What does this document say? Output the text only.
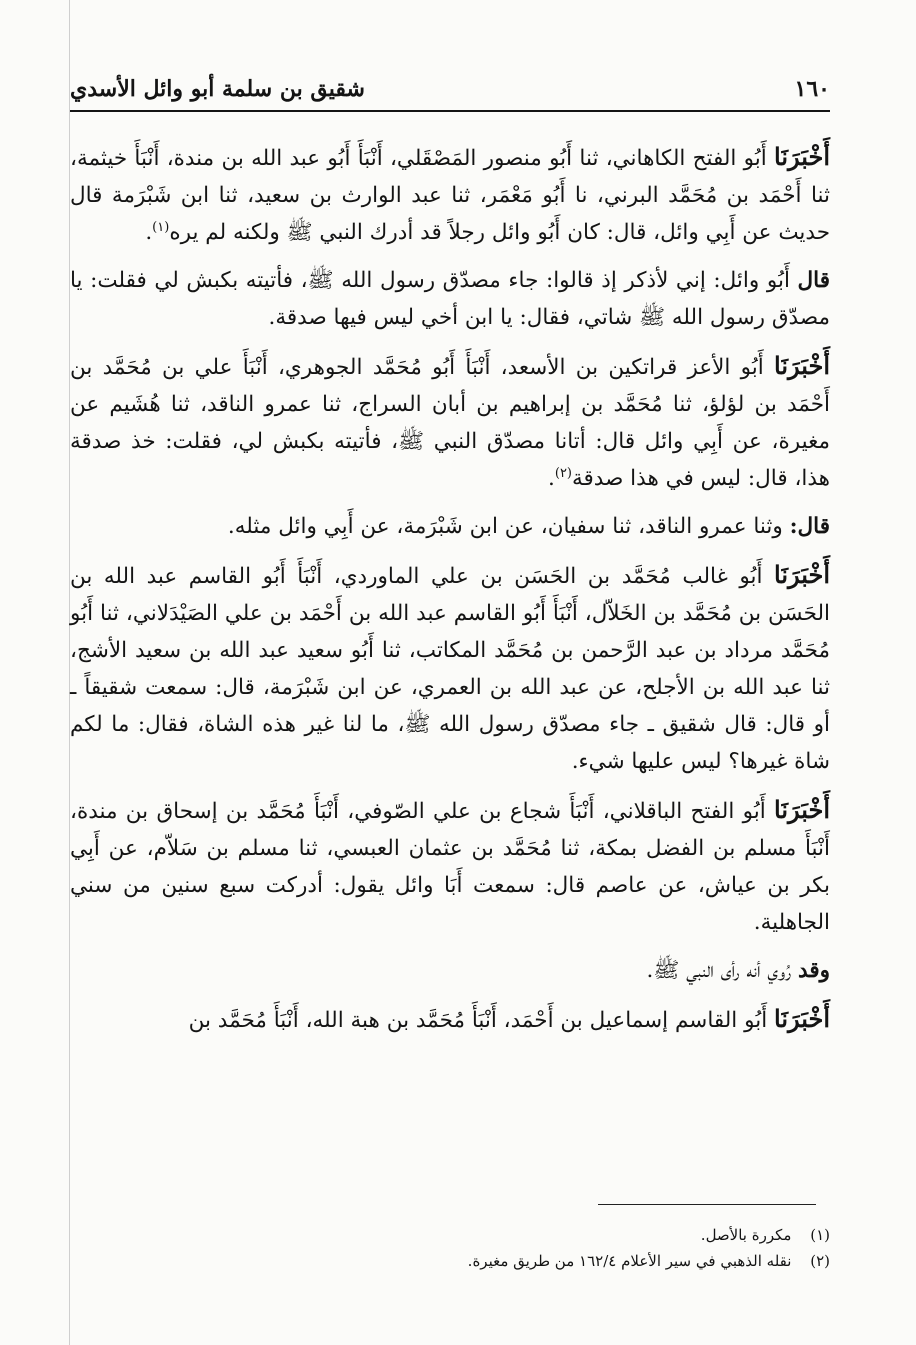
١٦٠
شقيق بن سلمة أبو وائل الأسدي

أَخْبَرَنَا أَبُو الفتح الكاهاني، ثنا أَبُو منصور المَصْقَلي، أَنْبَأَ أَبُو عبد الله بن مندة، أَنْبَأَ خيثمة، ثنا أَحْمَد بن مُحَمَّد البرني، نا أَبُو مَعْمَر، ثنا عبد الوارث بن سعيد، ثنا ابن شَبْرَمة قال حديث عن أَبِي وائل، قال: كان أَبُو وائل رجلاً قد أدرك النبي ﷺ ولكنه لم يره$^{(١)}$.

قال أَبُو وائل: إني لأذكر إذ قالوا: جاء مصدّق رسول الله ﷺ، فأتيته بكبش لي فقلت: يا مصدّق رسول الله ﷺ شاتي، فقال: يا ابن أخي ليس فيها صدقة.

أَخْبَرَنَا أَبُو الأعز قراتكين بن الأسعد، أَنْبَأَ أَبُو مُحَمَّد الجوهري، أَنْبَأَ علي بن مُحَمَّد بن أَحْمَد بن لؤلؤ، ثنا مُحَمَّد بن إبراهيم بن أبان السراج، ثنا عمرو الناقد، ثنا هُشَيم عن مغيرة، عن أَبِي وائل قال: أتانا مصدّق النبي ﷺ، فأتيته بكبش لي، فقلت: خذ صدقة هذا، قال: ليس في هذا صدقة$^{(٢)}$.

قال: وثنا عمرو الناقد، ثنا سفيان، عن ابن شَبْرَمة، عن أَبِي وائل مثله.

أَخْبَرَنَا أَبُو غالب مُحَمَّد بن الحَسَن بن علي الماوردي، أَنْبَأَ أَبُو القاسم عبد الله بن الحَسَن بن مُحَمَّد بن الخَلاّل، أَنْبَأَ أَبُو القاسم عبد الله بن أَحْمَد بن علي الصَيْدَلاني، ثنا أَبُو مُحَمَّد مرداد بن عبد الرَّحمن بن مُحَمَّد المكاتب، ثنا أَبُو سعيد عبد الله بن سعيد الأشج، ثنا عبد الله بن الأجلح، عن عبد الله بن العمري، عن ابن شَبْرَمة، قال: سمعت شقيقاً ـ أو قال: قال شقيق ـ جاء مصدّق رسول الله ﷺ، ما لنا غير هذه الشاة، فقال: ما لكم شاة غيرها؟ ليس عليها شيء.

أَخْبَرَنَا أَبُو الفتح الباقلاني، أَنْبَأَ شجاع بن علي الصّوفي، أَنْبَأَ مُحَمَّد بن إسحاق بن مندة، أَنْبَأَ مسلم بن الفضل بمكة، ثنا مُحَمَّد بن عثمان العبسي، ثنا مسلم بن سَلاّم، عن أَبِي بكر بن عياش، عن عاصم قال: سمعت أَبَا وائل يقول: أدركت سبع سنين من سني الجاهلية.

وقد رُوي أنه رأى النبي ﷺ.

أَخْبَرَنَا أَبُو القاسم إسماعيل بن أَحْمَد، أَنْبَأَ مُحَمَّد بن هبة الله، أَنْبَأَ مُحَمَّد بن

(١) مكررة بالأصل.

(٢) نقله الذهبي في سير الأعلام ١٦٢/٤ من طريق مغيرة.
